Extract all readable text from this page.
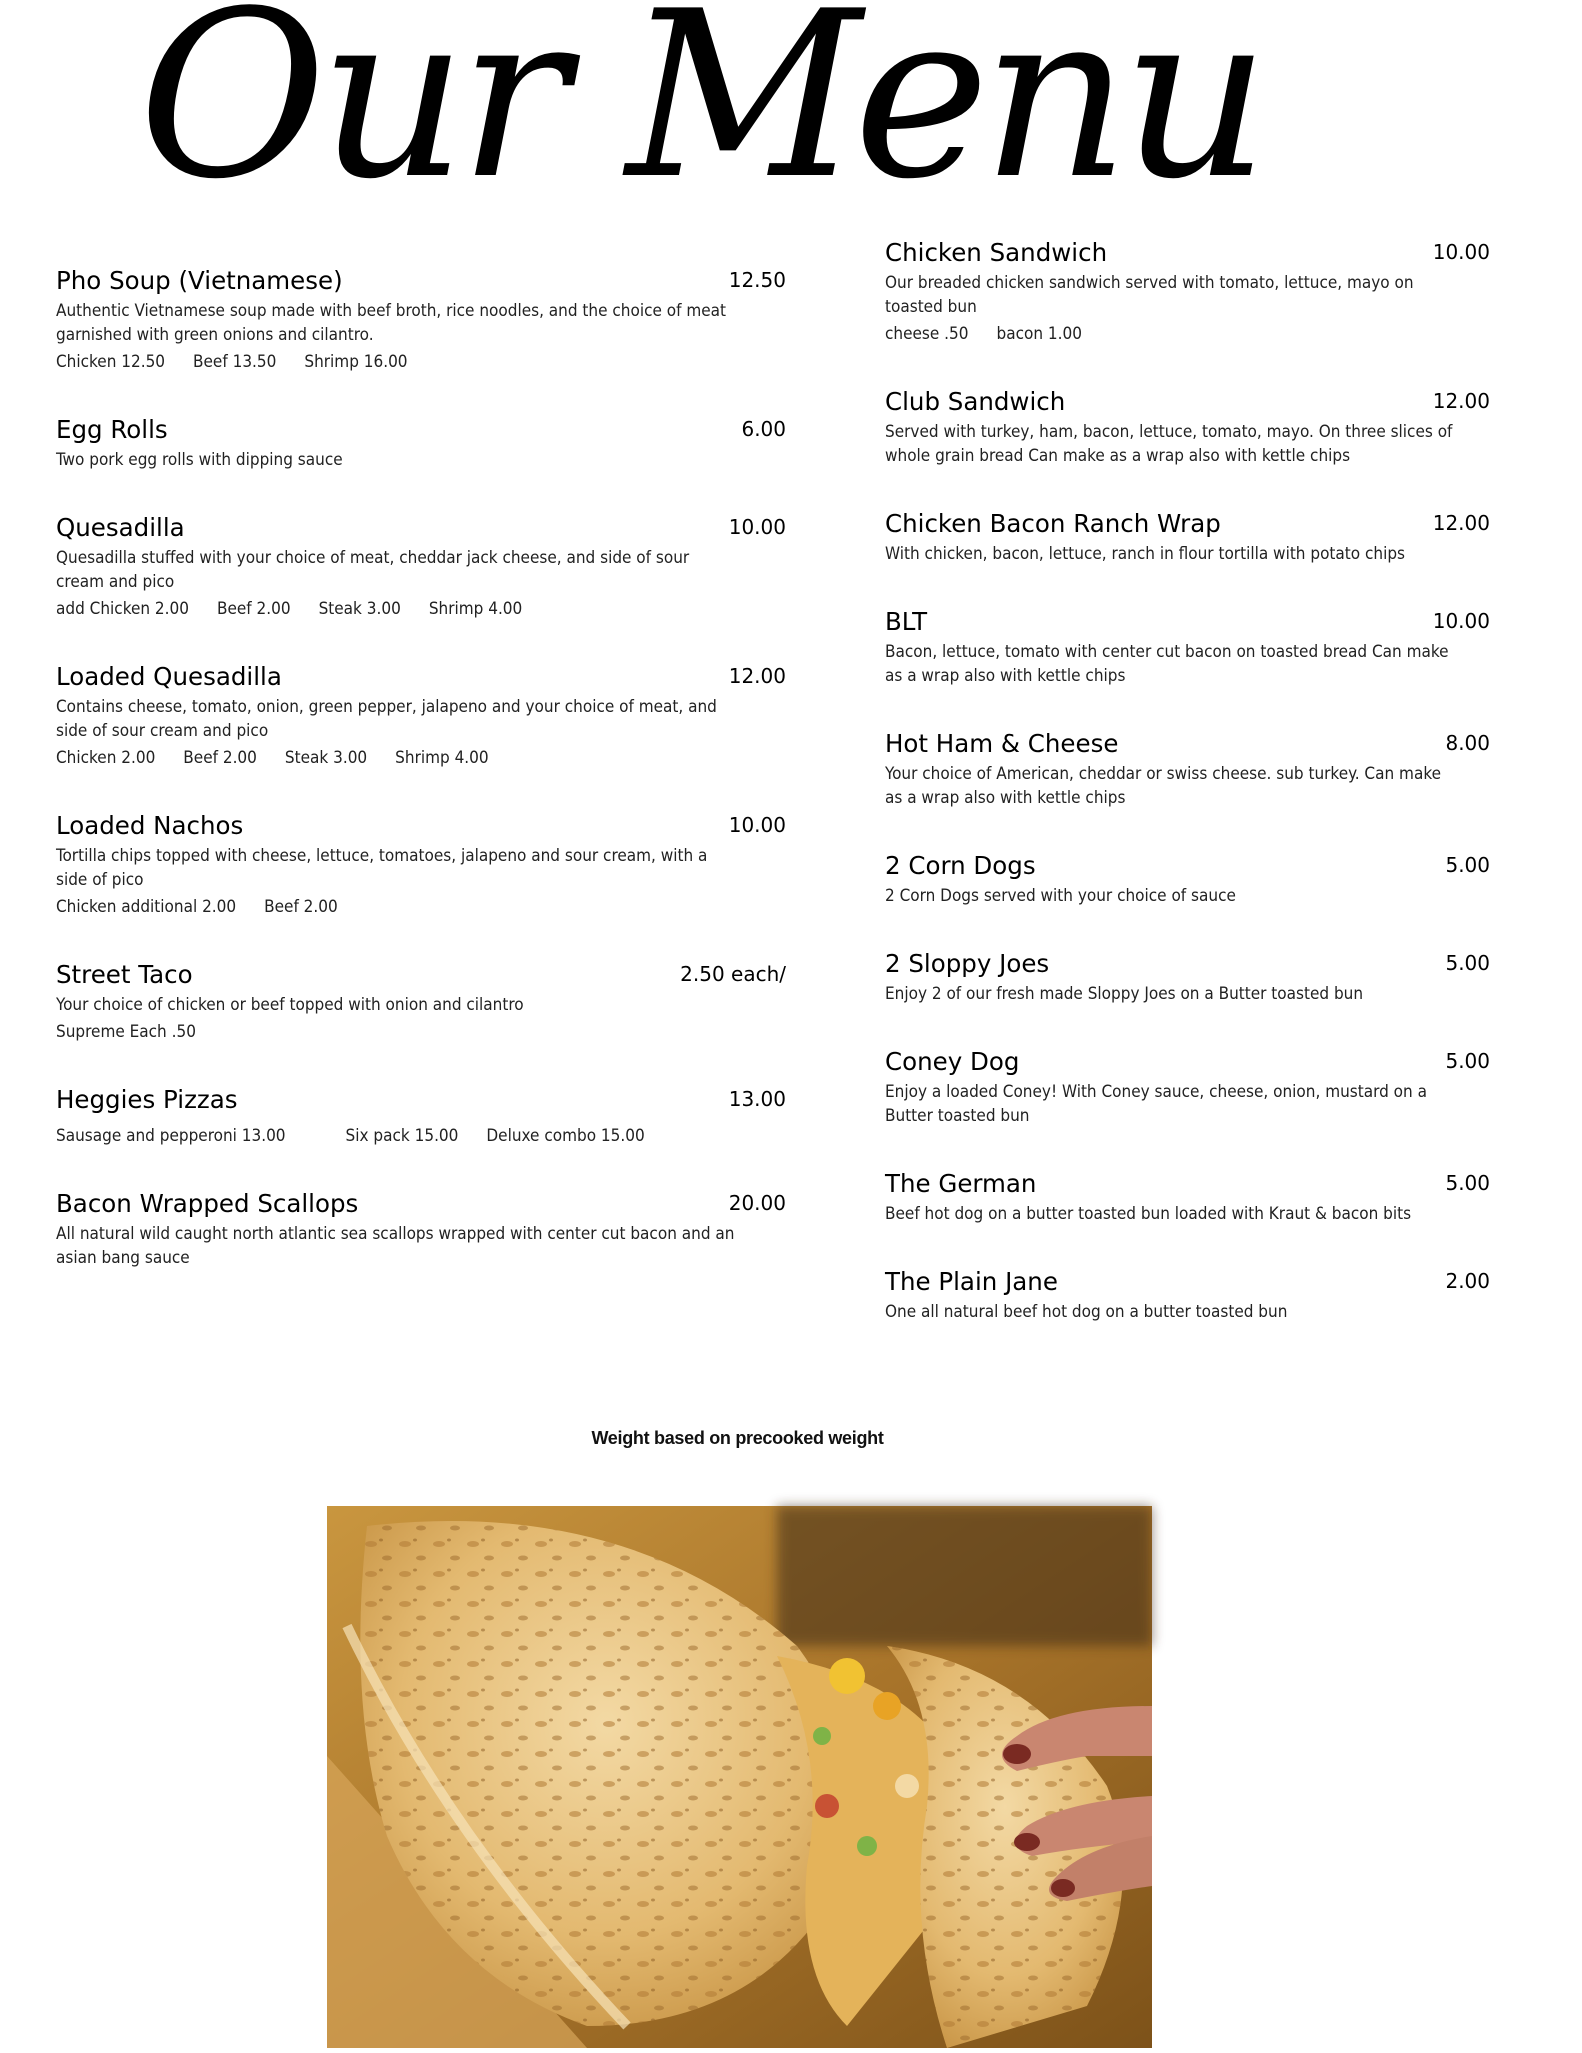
Our Menu
Pho Soup (Vietnamese)	12.50
Authentic Vietnamese soup made with beef broth, rice noodles, and the choice of meat garnished with green onions and cilantro.
Chicken 12.50 Beef 13.50 Shrimp 16.00
Egg Rolls	6.00
Two pork egg rolls with dipping sauce
Quesadilla	10.00
Quesadilla stuffed with your choice of meat, cheddar jack cheese, and side of sour cream and pico
add Chicken 2.00 Beef 2.00 Steak 3.00 Shrimp 4.00
Loaded Quesadilla	12.00
Contains cheese, tomato, onion, green pepper, jalapeno and your choice of meat, and side of sour cream and pico
Chicken 2.00 Beef 2.00 Steak 3.00 Shrimp 4.00
Loaded Nachos	10.00
Tortilla chips topped with cheese, lettuce, tomatoes, jalapeno and sour cream, with a side of pico
Chicken additional 2.00 Beef 2.00
Street Taco	2.50 each/
Your choice of chicken or beef topped with onion and cilantro
Supreme Each .50
Heggies Pizzas	13.00
Sausage and pepperoni 13.00	Six pack 15.00 Deluxe combo 15.00
Bacon Wrapped Scallops	20.00
All natural wild caught north atlantic sea scallops wrapped with center cut bacon and an asian bang sauce
Chicken Sandwich	10.00
Our breaded chicken sandwich served with tomato, lettuce, mayo on toasted bun
cheese .50 bacon 1.00
Club Sandwich	12.00
Served with turkey, ham, bacon, lettuce, tomato, mayo. On three slices of whole grain bread Can make as a wrap also with kettle chips
Chicken Bacon Ranch Wrap	12.00
With chicken, bacon, lettuce, ranch in flour tortilla with potato chips
BLT	10.00
Bacon, lettuce, tomato with center cut bacon on toasted bread Can make as a wrap also with kettle chips
Hot Ham & Cheese	8.00
Your choice of American, cheddar or swiss cheese. sub turkey. Can make as a wrap also with kettle chips
2 Corn Dogs	5.00
2 Corn Dogs served with your choice of sauce
2 Sloppy Joes	5.00
Enjoy 2 of our fresh made Sloppy Joes on a Butter toasted bun
Coney Dog	5.00
Enjoy a loaded Coney! With Coney sauce, cheese, onion, mustard on a Butter toasted bun
The German	5.00
Beef hot dog on a butter toasted bun loaded with Kraut & bacon bits
The Plain Jane	2.00
One all natural beef hot dog on a butter toasted bun
Weight based on precooked weight
